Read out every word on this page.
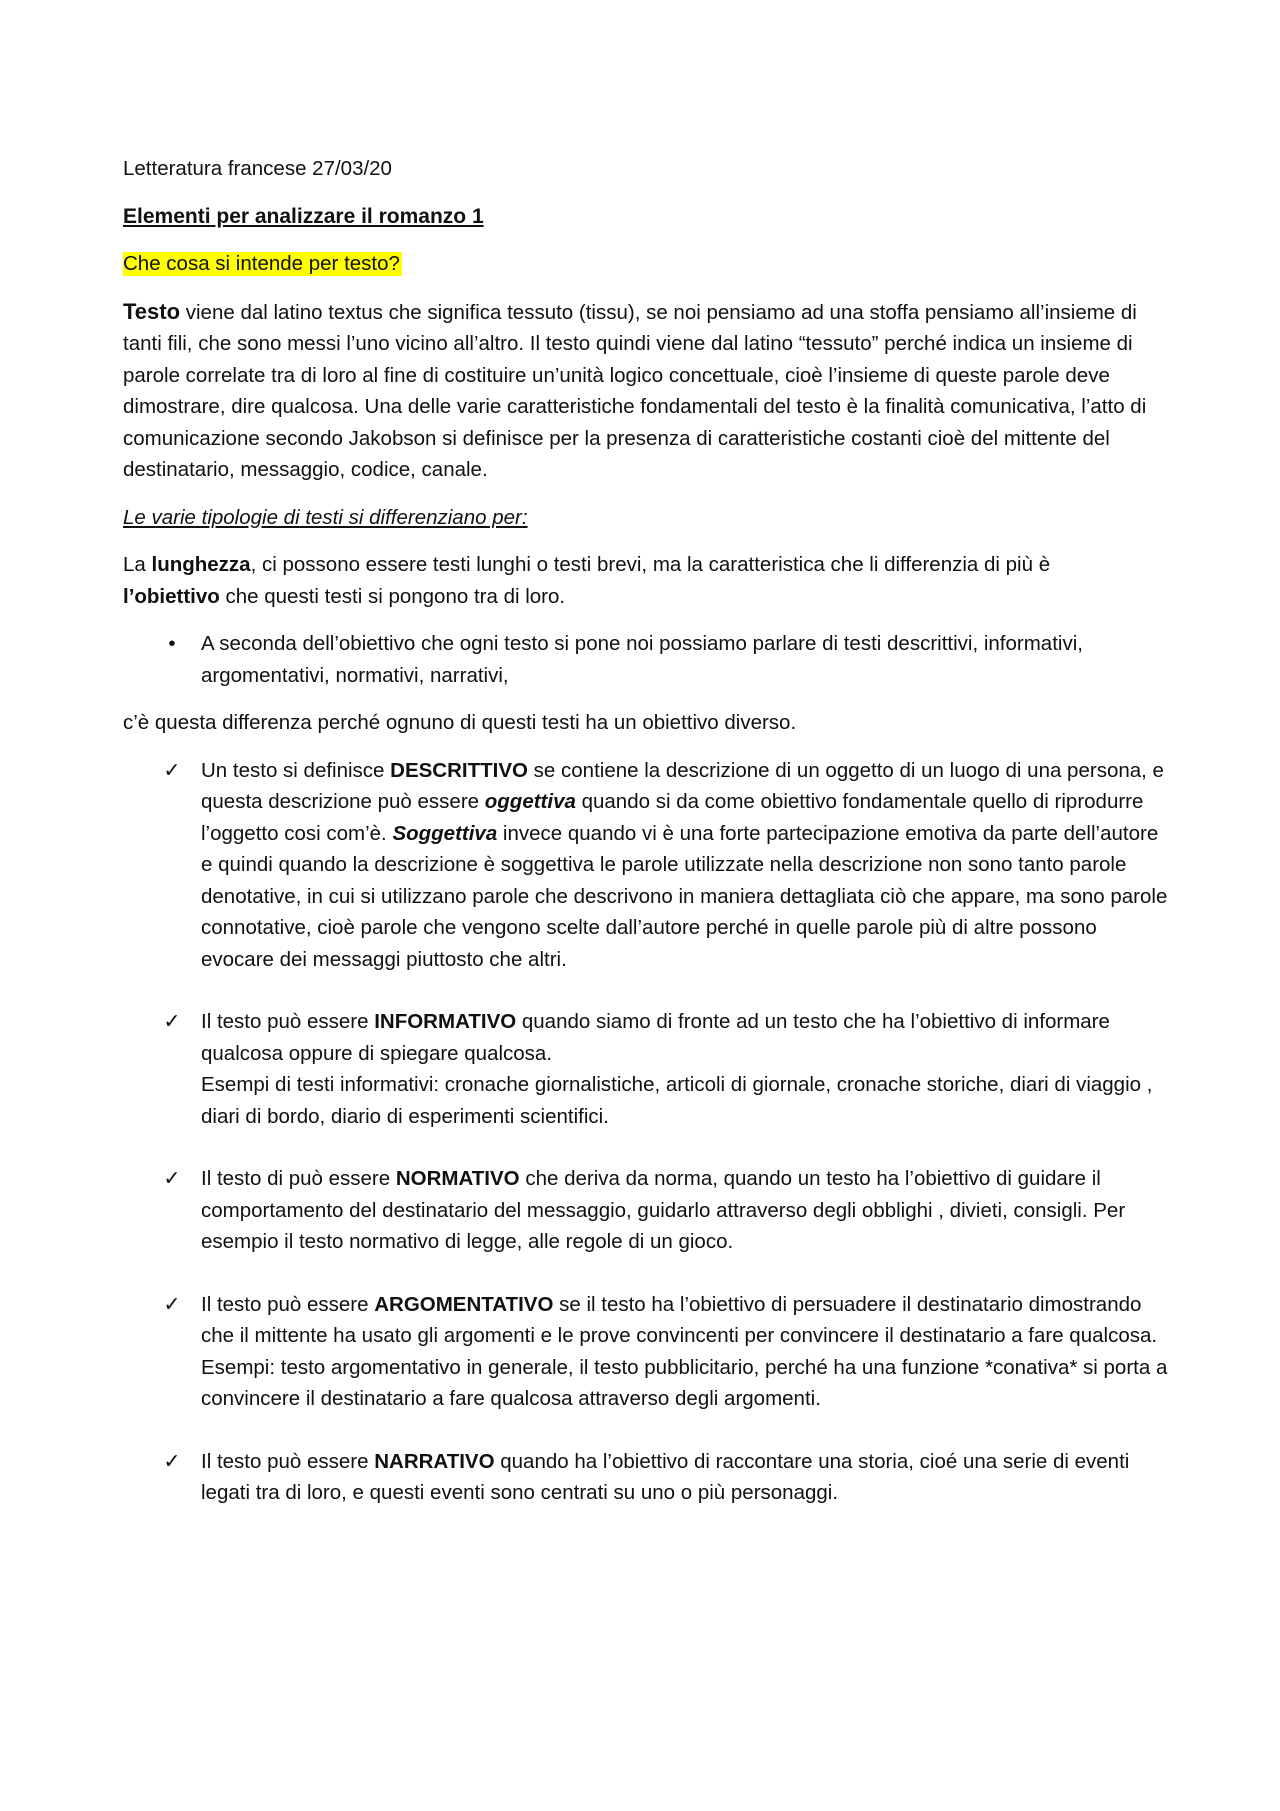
Letteratura francese 27/03/20

Elementi per analizzare il romanzo 1

Che cosa si intende per testo?

Testo viene dal latino textus che significa tessuto (tissu), se noi pensiamo ad una stoffa pensiamo all’insieme di tanti fili, che sono messi l’uno vicino all’altro. Il testo quindi viene dal latino “tessuto” perché indica un insieme di parole correlate tra di loro al fine di costituire un’unità logico concettuale, cioè l’insieme di queste parole deve dimostrare, dire qualcosa. Una delle varie caratteristiche fondamentali del testo è la finalità comunicativa, l’atto di comunicazione secondo Jakobson si definisce per la presenza di caratteristiche costanti cioè del mittente del destinatario, messaggio, codice, canale.

Le varie tipologie di testi si differenziano per:

La lunghezza, ci possono essere testi lunghi o testi brevi, ma la caratteristica che li differenzia di più è
l’obiettivo che questi testi si pongono tra di loro.

•	A seconda dell’obiettivo che ogni testo si pone noi possiamo parlare di testi descrittivi, informativi, argomentativi, normativi, narrativi,

c’è questa differenza perché ognuno di questi testi ha un obiettivo diverso.

✓ Un testo si definisce DESCRITTIVO se contiene la descrizione di un oggetto di un luogo di una persona, e questa descrizione può essere oggettiva quando si da come obiettivo fondamentale quello di riprodurre l’oggetto cosi com’è. Soggettiva invece quando vi è una forte partecipazione emotiva da parte dell’autore e quindi quando la descrizione è soggettiva le parole utilizzate nella descrizione non sono tanto parole denotative, in cui si utilizzano parole che descrivono in maniera dettagliata ciò che appare, ma sono parole connotative, cioè parole che vengono scelte dall’autore perché in quelle parole più di altre possono evocare dei messaggi piuttosto che altri.
✓ Il testo può essere INFORMATIVO quando siamo di fronte ad un testo che ha l’obiettivo di informare qualcosa oppure di spiegare qualcosa.
Esempi di testi informativi: cronache giornalistiche, articoli di giornale, cronache storiche, diari di viaggio , diari di bordo, diario di esperimenti scientifici.
✓ Il testo di può essere NORMATIVO che deriva da norma, quando un testo ha l’obiettivo di guidare il comportamento del destinatario del messaggio, guidarlo attraverso degli obblighi , divieti, consigli. Per esempio il testo normativo di legge, alle regole di un gioco.
✓ Il testo può essere ARGOMENTATIVO se il testo ha l’obiettivo di persuadere il destinatario dimostrando che il mittente ha usato gli argomenti e le prove convincenti per convincere il destinatario a fare qualcosa.
Esempi: testo argomentativo in generale, il testo pubblicitario, perché ha una funzione *conativa* si porta a convincere il destinatario a fare qualcosa attraverso degli argomenti.
✓ Il testo può essere NARRATIVO quando ha l’obiettivo di raccontare una storia, cioé una serie di eventi legati tra di loro, e questi eventi sono centrati su uno o più personaggi.
